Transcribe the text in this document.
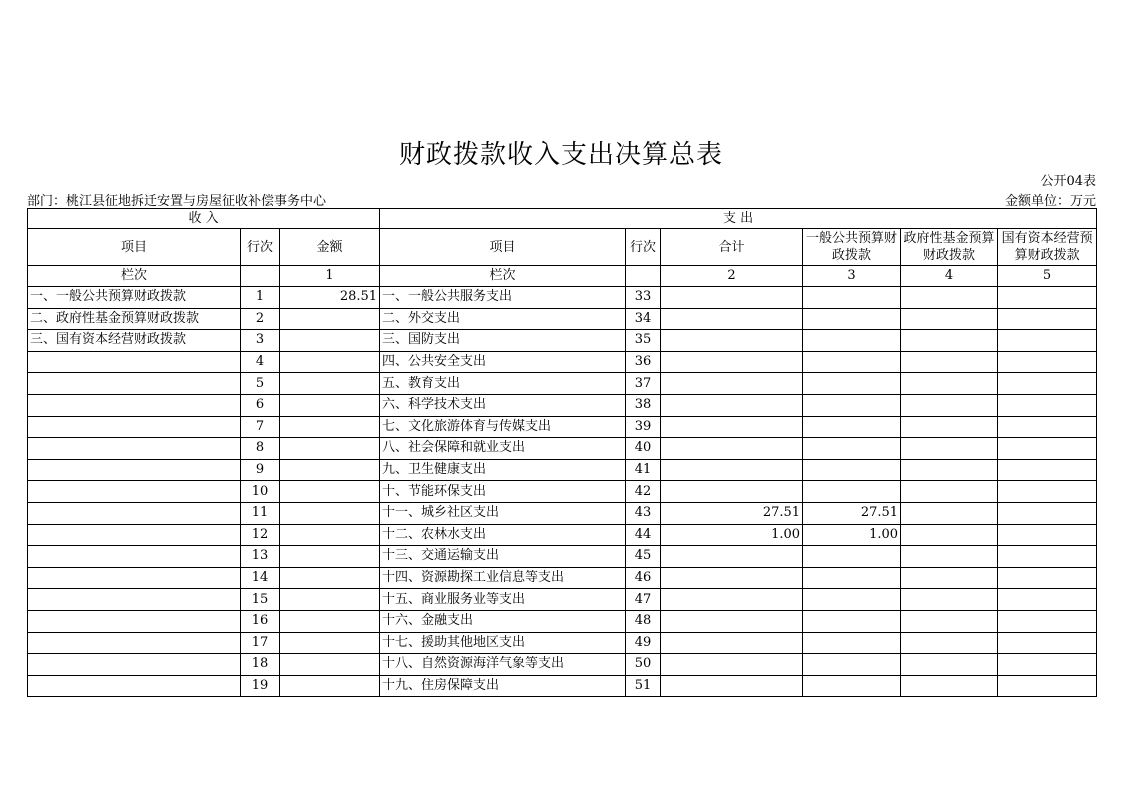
财政拨款收入支出决算总表
公开04表
部门：桃江县征地拆迁安置与房屋征收补偿事务中心	金额单位：万元
收 入			支 出					
项目	行次	金额	项目	行次	合计	一般公共预算财政拨款	政府性基金预算财政拨款	国有资本经营预算财政拨款
栏次		1	栏次		2	3	4	5
一、一般公共预算财政拨款	1	28.51	一、一般公共服务支出	33				
二、政府性基金预算财政拨款	2		二、外交支出	34				
三、国有资本经营财政拨款	3		三、国防支出	35				
	4		四、公共安全支出	36				
	5		五、教育支出	37				
	6		六、科学技术支出	38				
	7		七、文化旅游体育与传媒支出	39				
	8		八、社会保障和就业支出	40				
	9		九、卫生健康支出	41				
	10		十、节能环保支出	42				
	11		十一、城乡社区支出	43	27.51	27.51		
	12		十二、农林水支出	44	1.00	1.00		
	13		十三、交通运输支出	45				
	14		十四、资源勘探工业信息等支出	46				
	15		十五、商业服务业等支出	47				
	16		十六、金融支出	48				
	17		十七、援助其他地区支出	49				
	18		十八、自然资源海洋气象等支出	50				
	19		十九、住房保障支出	51				
